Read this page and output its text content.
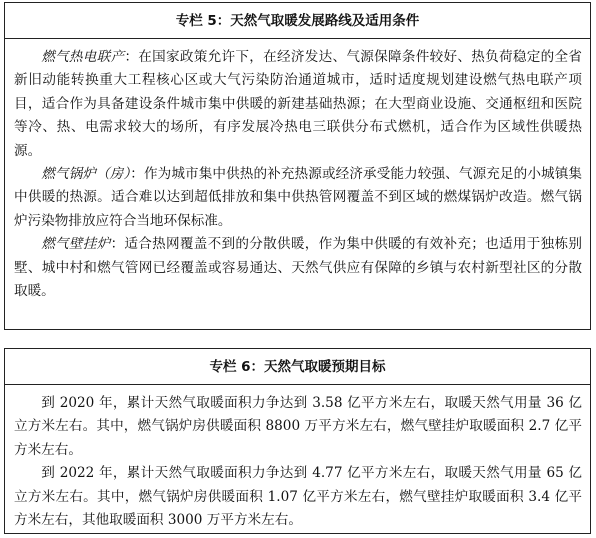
专栏 5：天然气取暖发展路线及适用条件

燃气热电联产：在国家政策允许下，在经济发达、气源保障条件较好、热负荷稳定的全省新旧动能转换重大工程核心区或大气污染防治通道城市，适时适度规划建设燃气热电联产项目，适合作为具备建设条件城市集中供暖的新建基础热源；在大型商业设施、交通枢纽和医院等冷、热、电需求较大的场所，有序发展冷热电三联供分布式燃机，适合作为区域性供暖热源。

燃气锅炉（房）：作为城市集中供热的补充热源或经济承受能力较强、气源充足的小城镇集中供暖的热源。适合难以达到超低排放和集中供热管网覆盖不到区域的燃煤锅炉改造。燃气锅炉污染物排放应符合当地环保标准。

燃气壁挂炉：适合热网覆盖不到的分散供暖，作为集中供暖的有效补充；也适用于独栋别墅、城中村和燃气管网已经覆盖或容易通达、天然气供应有保障的乡镇与农村新型社区的分散取暖。

专栏 6：天然气取暖预期目标

到 2020 年，累计天然气取暖面积力争达到 3.58 亿平方米左右，取暖天然气用量 36 亿立方米左右。其中，燃气锅炉房供暖面积 8800 万平方米左右，燃气壁挂炉取暖面积 2.7 亿平方米左右。

到 2022 年，累计天然气取暖面积力争达到 4.77 亿平方米左右，取暖天然气用量 65 亿立方米左右。其中，燃气锅炉房供暖面积 1.07 亿平方米左右，燃气壁挂炉取暖面积 3.4 亿平方米左右，其他取暖面积 3000 万平方米左右。
